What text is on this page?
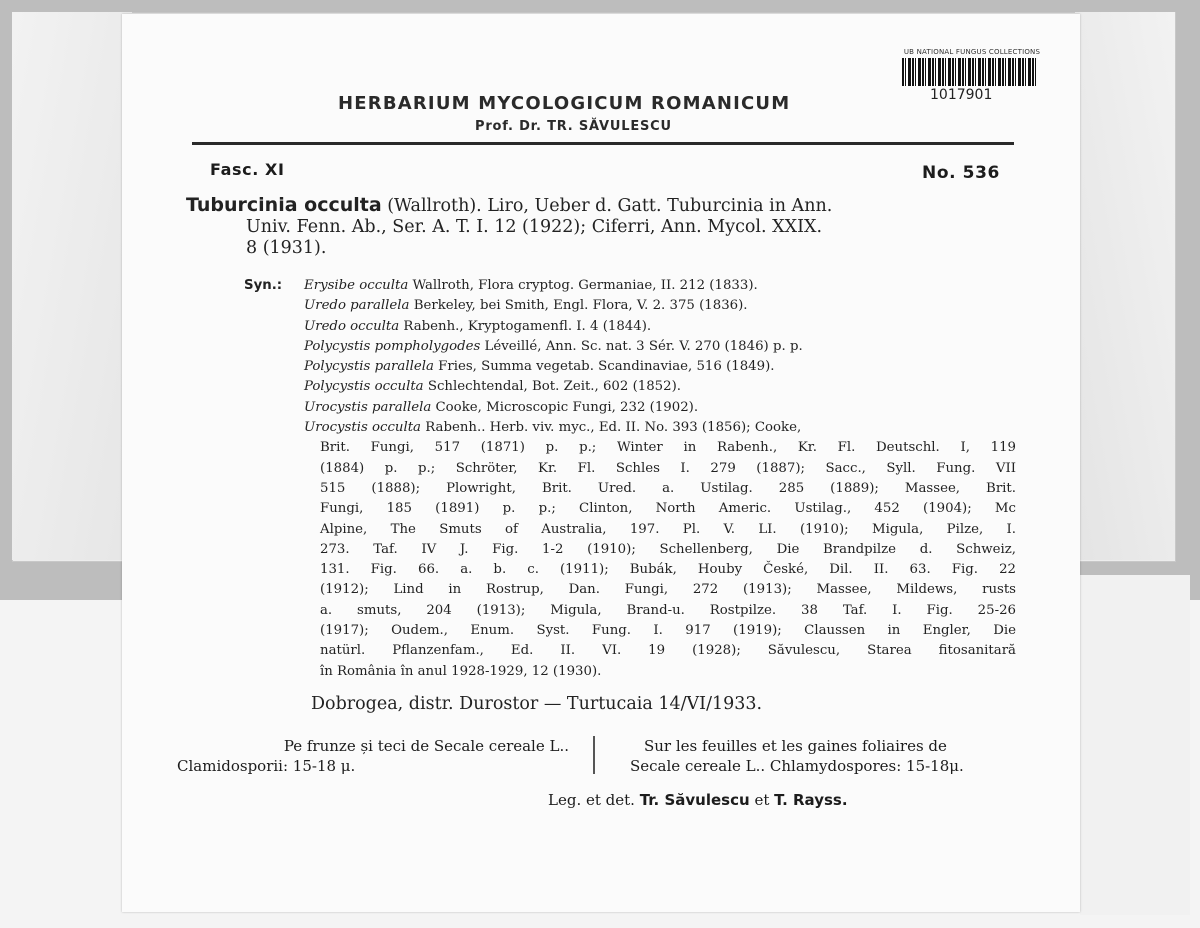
UB NATIONAL FUNGUS COLLECTIONS
1017901
HERBARIUM MYCOLOGICUM ROMANICUM
Prof. Dr. TR. SĂVULESCU
Fasc. XI	No. 536
Tuburcinia occulta (Wallroth). Liro, Ueber d. Gatt. Tuburcinia in Ann.
Univ. Fenn. Ab., Ser. A. T. I. 12 (1922); Ciferri, Ann. Mycol. XXIX.
8 (1931).
Syn.:	Erysibe occulta Wallroth, Flora cryptog. Germaniae, II. 212 (1833).
Uredo parallela Berkeley, bei Smith, Engl. Flora, V. 2. 375 (1836).
Uredo occulta Rabenh., Kryptogamenfl. I. 4 (1844).
Polycystis pompholygodes Léveillé, Ann. Sc. nat. 3 Sér. V. 270 (1846) p. p.
Polycystis parallela Fries, Summa vegetab. Scandinaviae, 516 (1849).
Polycystis occulta Schlechtendal, Bot. Zeit., 602 (1852).
Urocystis parallela Cooke, Microscopic Fungi, 232 (1902).
Urocystis occulta Rabenh.. Herb. viv. myc., Ed. II. No. 393 (1856); Cooke,
Brit. Fungi, 517 (1871) p. p.; Winter in Rabenh., Kr. Fl. Deutschl. I, 119
(1884) p. p.; Schröter, Kr. Fl. Schles I. 279 (1887); Sacc., Syll. Fung. VII
515 (1888); Plowright, Brit. Ured. a. Ustilag. 285 (1889); Massee, Brit.
Fungi, 185 (1891) p. p.; Clinton, North Americ. Ustilag., 452 (1904); Mc
Alpine, The Smuts of Australia, 197. Pl. V. LI. (1910); Migula, Pilze, I.
273. Taf. IV J. Fig. 1-2 (1910); Schellenberg, Die Brandpilze d. Schweiz,
131. Fig. 66. a. b. c. (1911); Bubák, Houby České, Dil. II. 63. Fig. 22
(1912); Lind in Rostrup, Dan. Fungi, 272 (1913); Massee, Mildews, rusts
a. smuts, 204 (1913); Migula, Brand-u. Rostpilze. 38 Taf. I. Fig. 25-26
(1917); Oudem., Enum. Syst. Fung. I. 917 (1919); Claussen in Engler, Die
natürl. Pflanzenfam., Ed. II. VI. 19 (1928); Săvulescu, Starea fitosanitară
în România în anul 1928-1929, 12 (1930).
Dobrogea, distr. Durostor — Turtucaia 14/VI/1933.
Pe frunze și teci de Secale cereale L..
Clamidosporii: 15-18 μ.
Sur les feuilles et les gaines foliaires de
Secale cereale L.. Chlamydospores: 15-18μ.
Leg. et det. Tr. Săvulescu et T. Rayss.
